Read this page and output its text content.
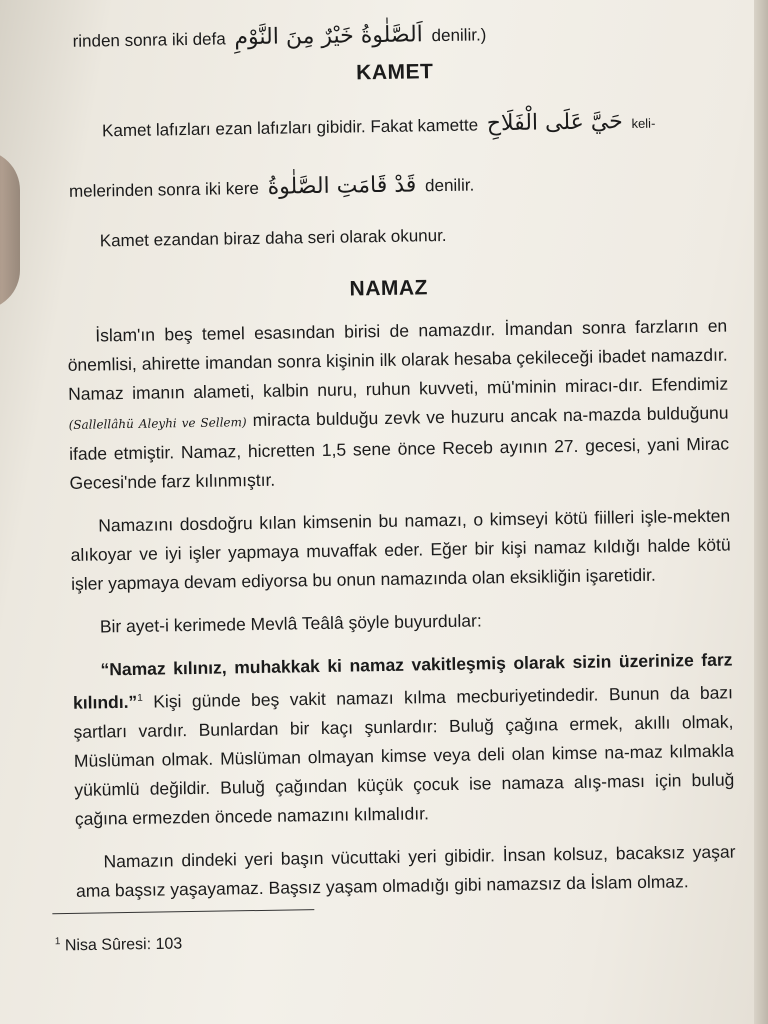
rinden sonra iki defa اَلصَّلٰوةُ خَيْرٌ مِنَ النَّوْمِ denilir.)
KAMET
Kamet lafızları ezan lafızları gibidir. Fakat kamette حَيَّ عَلَى الْفَلَاحِ keli-
melerinden sonra iki kere قَدْ قَامَتِ الصَّلٰوةُ denilir.
Kamet ezandan biraz daha seri olarak okunur.
NAMAZ

İslam'ın beş temel esasından birisi de namazdır. İmandan sonra farzların en önemlisi, ahirette imandan sonra kişinin ilk olarak hesaba çekileceği ibadet namazdır. Namaz imanın alameti, kalbin nuru, ruhun kuvveti, mü'minin miracı-dır. Efendimiz (Sallellâhü Aleyhi ve Sellem) miracta bulduğu zevk ve huzuru ancak na-mazda bulduğunu ifade etmiştir. Namaz, hicretten 1,5 sene önce Receb ayının 27. gecesi, yani Mirac Gecesi'nde farz kılınmıştır.

Namazını dosdoğru kılan kimsenin bu namazı, o kimseyi kötü fiilleri işle-mekten alıkoyar ve iyi işler yapmaya muvaffak eder. Eğer bir kişi namaz kıldığı halde kötü işler yapmaya devam ediyorsa bu onun namazında olan eksikliğin işaretidir.

Bir ayet-i kerimede Mevlâ Teâlâ şöyle buyurdular:

“Namaz kılınız, muhakkak ki namaz vakitleşmiş olarak sizin üzerinize farz kılındı.”$^1$ Kişi günde beş vakit namazı kılma mecburiyetindedir. Bunun da bazı şartları vardır. Bunlardan bir kaçı şunlardır: Buluğ çağına ermek, akıllı olmak, Müslüman olmak. Müslüman olmayan kimse veya deli olan kimse na-maz kılmakla yükümlü değildir. Buluğ çağından küçük çocuk ise namaza alış-ması için buluğ çağına ermezden öncede namazını kılmalıdır.

Namazın dindeki yeri başın vücuttaki yeri gibidir. İnsan kolsuz, bacaksız yaşar ama başsız yaşayamaz. Başsız yaşam olmadığı gibi namazsız da İslam olmaz.

$^1$ Nisa Sûresi: 103
